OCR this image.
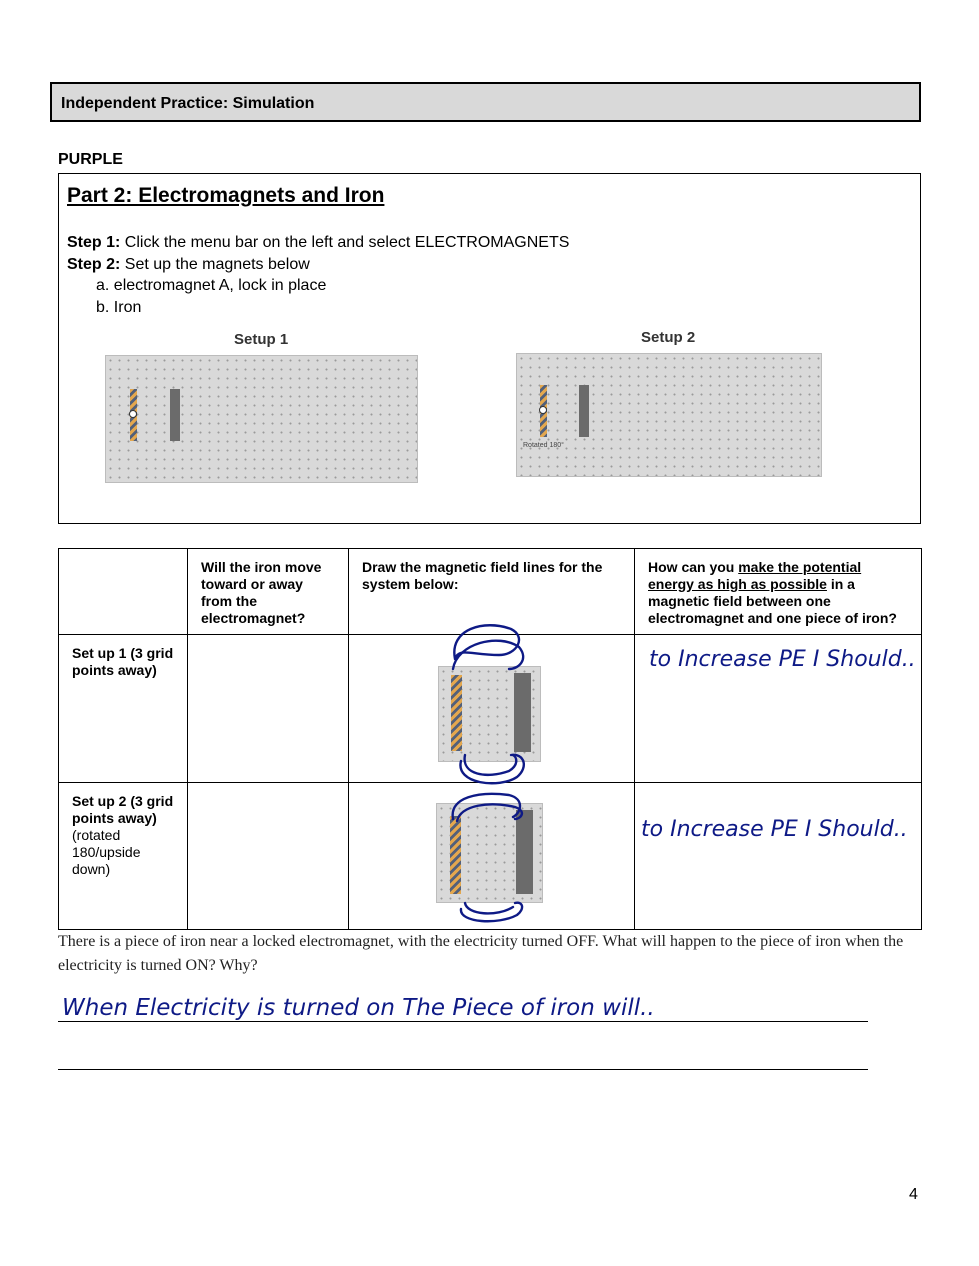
Independent Practice: Simulation
PURPLE
Part 2: Electromagnets and Iron
Step 1: Click the menu bar on the left and select ELECTROMAGNETS
Step 2: Set up the magnets below
a. electromagnet A, lock in place
b. Iron
Setup 1	Setup 2
Rotated 180°

	Will the iron move toward or away from the electromagnet?	Draw the magnetic field lines for the system below:	How can you make the potential energy as high as possible in a magnetic field between one electromagnet and one piece of iron?

Set up 1 (3 grid points away)			to Increase PE I Should..

Set up 2 (3 grid points away)
(rotated 180/upside down)			to Increase PE I Should..
There is a piece of iron near a locked electromagnet, with the electricity turned OFF. What will happen to the piece of iron when the electricity is turned ON? Why?
When Electricity is turned on The Piece of iron will..
4
